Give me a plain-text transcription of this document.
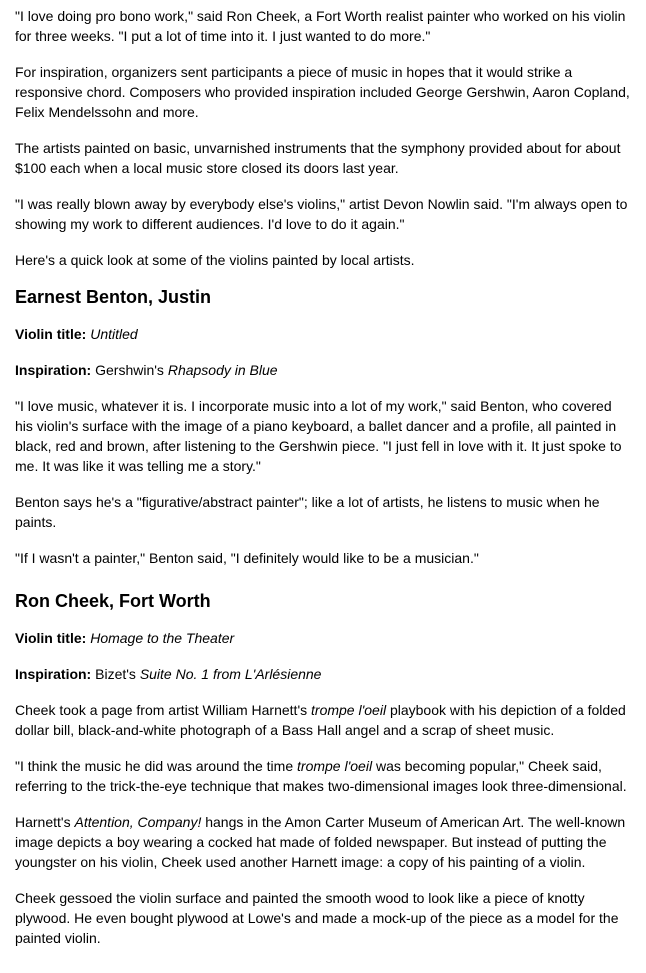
"I love doing pro bono work," said Ron Cheek, a Fort Worth realist painter who worked on his violin for three weeks. "I put a lot of time into it. I just wanted to do more."

For inspiration, organizers sent participants a piece of music in hopes that it would strike a responsive chord. Composers who provided inspiration included George Gershwin, Aaron Copland, Felix Mendelssohn and more.

The artists painted on basic, unvarnished instruments that the symphony provided about for about $100 each when a local music store closed its doors last year.

"I was really blown away by everybody else's violins," artist Devon Nowlin said. "I'm always open to showing my work to different audiences. I'd love to do it again."

Here's a quick look at some of the violins painted by local artists.

Earnest Benton, Justin

Violin title: Untitled

Inspiration: Gershwin's Rhapsody in Blue

"I love music, whatever it is. I incorporate music into a lot of my work," said Benton, who covered his violin's surface with the image of a piano keyboard, a ballet dancer and a profile, all painted in black, red and brown, after listening to the Gershwin piece. "I just fell in love with it. It just spoke to me. It was like it was telling me a story."

Benton says he's a "figurative/abstract painter"; like a lot of artists, he listens to music when he paints.

"If I wasn't a painter," Benton said, "I definitely would like to be a musician."

Ron Cheek, Fort Worth

Violin title: Homage to the Theater

Inspiration: Bizet's Suite No. 1 from L'Arlésienne

Cheek took a page from artist William Harnett's trompe l'oeil playbook with his depiction of a folded dollar bill, black-and-white photograph of a Bass Hall angel and a scrap of sheet music.

"I think the music he did was around the time trompe l'oeil was becoming popular," Cheek said, referring to the trick-the-eye technique that makes two-dimensional images look three-dimensional.

Harnett's Attention, Company! hangs in the Amon Carter Museum of American Art. The well-known image depicts a boy wearing a cocked hat made of folded newspaper. But instead of putting the youngster on his violin, Cheek used another Harnett image: a copy of his painting of a violin.

Cheek gessoed the violin surface and painted the smooth wood to look like a piece of knotty plywood. He even bought plywood at Lowe's and made a mock-up of the piece as a model for the painted violin.
